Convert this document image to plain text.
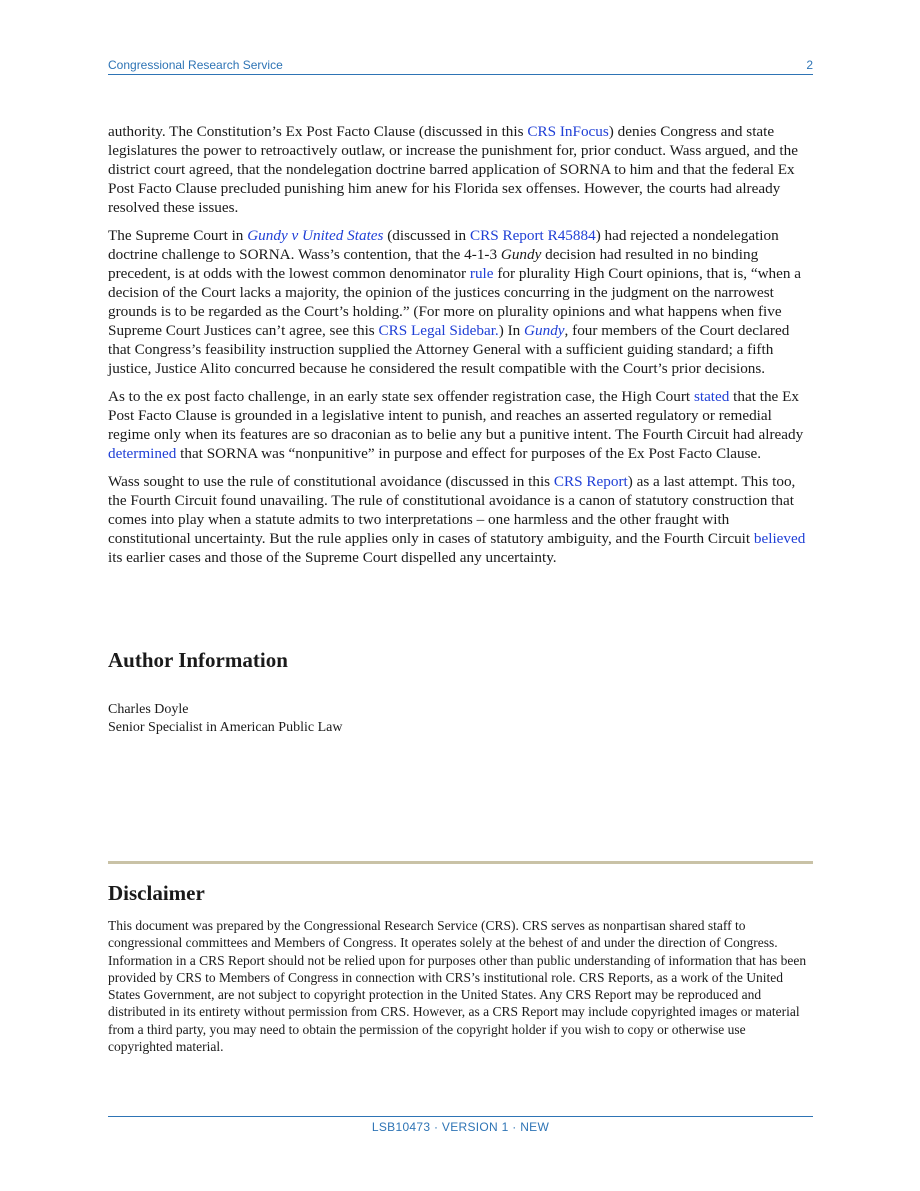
Congressional Research Service	2

authority. The Constitution’s Ex Post Facto Clause (discussed in this CRS InFocus) denies Congress and state legislatures the power to retroactively outlaw, or increase the punishment for, prior conduct. Wass argued, and the district court agreed, that the nondelegation doctrine barred application of SORNA to him and that the federal Ex Post Facto Clause precluded punishing him anew for his Florida sex offenses. However, the courts had already resolved these issues.

The Supreme Court in Gundy v United States (discussed in CRS Report R45884) had rejected a nondelegation doctrine challenge to SORNA. Wass’s contention, that the 4-1-3 Gundy decision had resulted in no binding precedent, is at odds with the lowest common denominator rule for plurality High Court opinions, that is, “when a decision of the Court lacks a majority, the opinion of the justices concurring in the judgment on the narrowest grounds is to be regarded as the Court’s holding.” (For more on plurality opinions and what happens when five Supreme Court Justices can’t agree, see this CRS Legal Sidebar.) In Gundy, four members of the Court declared that Congress’s feasibility instruction supplied the Attorney General with a sufficient guiding standard; a fifth justice, Justice Alito concurred because he considered the result compatible with the Court’s prior decisions.

As to the ex post facto challenge, in an early state sex offender registration case, the High Court stated that the Ex Post Facto Clause is grounded in a legislative intent to punish, and reaches an asserted regulatory or remedial regime only when its features are so draconian as to belie any but a punitive intent. The Fourth Circuit had already determined that SORNA was “nonpunitive” in purpose and effect for purposes of the Ex Post Facto Clause.

Wass sought to use the rule of constitutional avoidance (discussed in this CRS Report) as a last attempt. This too, the Fourth Circuit found unavailing. The rule of constitutional avoidance is a canon of statutory construction that comes into play when a statute admits to two interpretations – one harmless and the other fraught with constitutional uncertainty. But the rule applies only in cases of statutory ambiguity, and the Fourth Circuit believed its earlier cases and those of the Supreme Court dispelled any uncertainty.

Author Information
Charles Doyle
Senior Specialist in American Public Law
Disclaimer
This document was prepared by the Congressional Research Service (CRS). CRS serves as nonpartisan shared staff to congressional committees and Members of Congress. It operates solely at the behest of and under the direction of Congress. Information in a CRS Report should not be relied upon for purposes other than public understanding of information that has been provided by CRS to Members of Congress in connection with CRS’s institutional role. CRS Reports, as a work of the United States Government, are not subject to copyright protection in the United States. Any CRS Report may be reproduced and distributed in its entirety without permission from CRS. However, as a CRS Report may include copyrighted images or material from a third party, you may need to obtain the permission of the copyright holder if you wish to copy or otherwise use copyrighted material.
LSB10473 · VERSION 1 · NEW
